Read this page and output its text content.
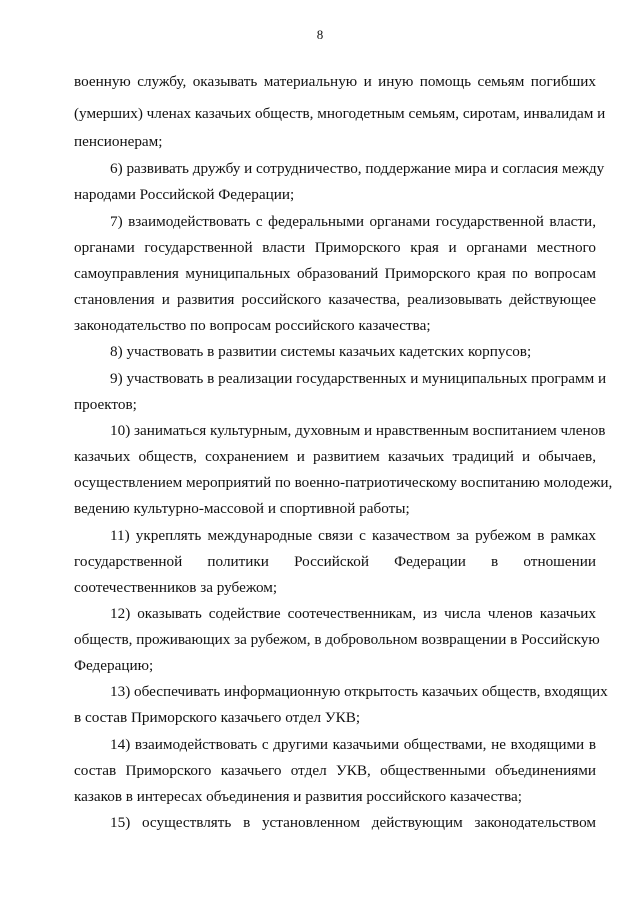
8
военную службу, оказывать материальную и иную помощь семьям погибших
(умерших) членах казачьих обществ, многодетным семьям, сиротам, инвалидам и
пенсионерам;
6) развивать дружбу и сотрудничество, поддержание мира и согласия между
народами Российской Федерации;
7) взаимодействовать с федеральными органами государственной власти,
органами государственной власти Приморского края и органами местного
самоуправления муниципальных образований Приморского края по вопросам
становления и развития российского казачества, реализовывать действующее
законодательство по вопросам российского казачества;
8) участвовать в развитии системы казачьих кадетских корпусов;
9) участвовать в реализации государственных и муниципальных программ и
проектов;
10) заниматься культурным, духовным и нравственным воспитанием членов
казачьих обществ, сохранением и развитием казачьих традиций и обычаев,
осуществлением мероприятий по военно-патриотическому воспитанию молодежи,
ведению культурно-массовой и спортивной работы;
11) укреплять международные связи с казачеством за рубежом в рамках
государственной политики Российской Федерации в отношении
соотечественников за рубежом;
12) оказывать содействие соотечественникам, из числа членов казачьих
обществ, проживающих за рубежом, в добровольном возвращении в Российскую
Федерацию;
13) обеспечивать информационную открытость казачьих обществ, входящих
в состав Приморского казачьего отдел УКВ;
14) взаимодействовать с другими казачьими обществами, не входящими в
состав Приморского казачьего отдел УКВ, общественными объединениями
казаков в интересах объединения и развития российского казачества;
15) осуществлять в установленном действующим законодательством
